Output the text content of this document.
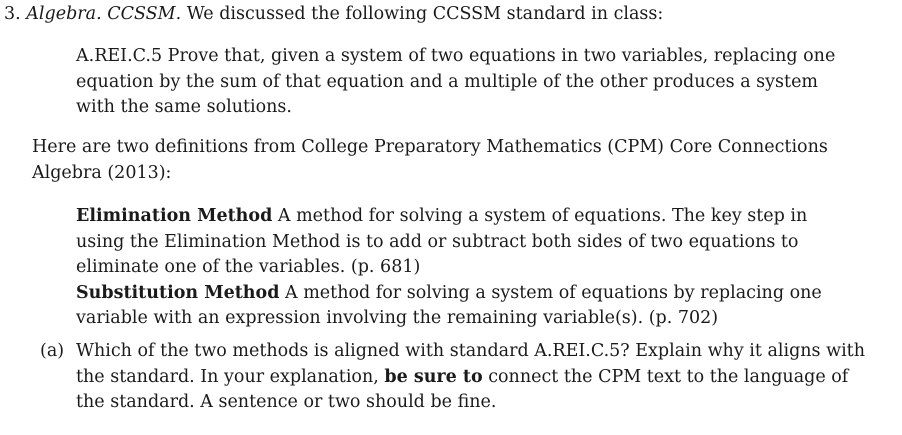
3. Algebra. CCSSM. We discussed the following CCSSM standard in class:

A.REI.C.5 Prove that, given a system of two equations in two variables, replacing one equation by the sum of that equation and a multiple of the other produces a system with the same solutions.

Here are two definitions from College Preparatory Mathematics (CPM) Core Connections Algebra (2013):

Elimination Method A method for solving a system of equations. The key step in using the Elimination Method is to add or subtract both sides of two equations to eliminate one of the variables. (p. 681)

Substitution Method A method for solving a system of equations by replacing one variable with an expression involving the remaining variable(s). (p. 702)

(a) Which of the two methods is aligned with standard A.REI.C.5? Explain why it aligns with the standard. In your explanation, be sure to connect the CPM text to the language of the standard. A sentence or two should be fine.
